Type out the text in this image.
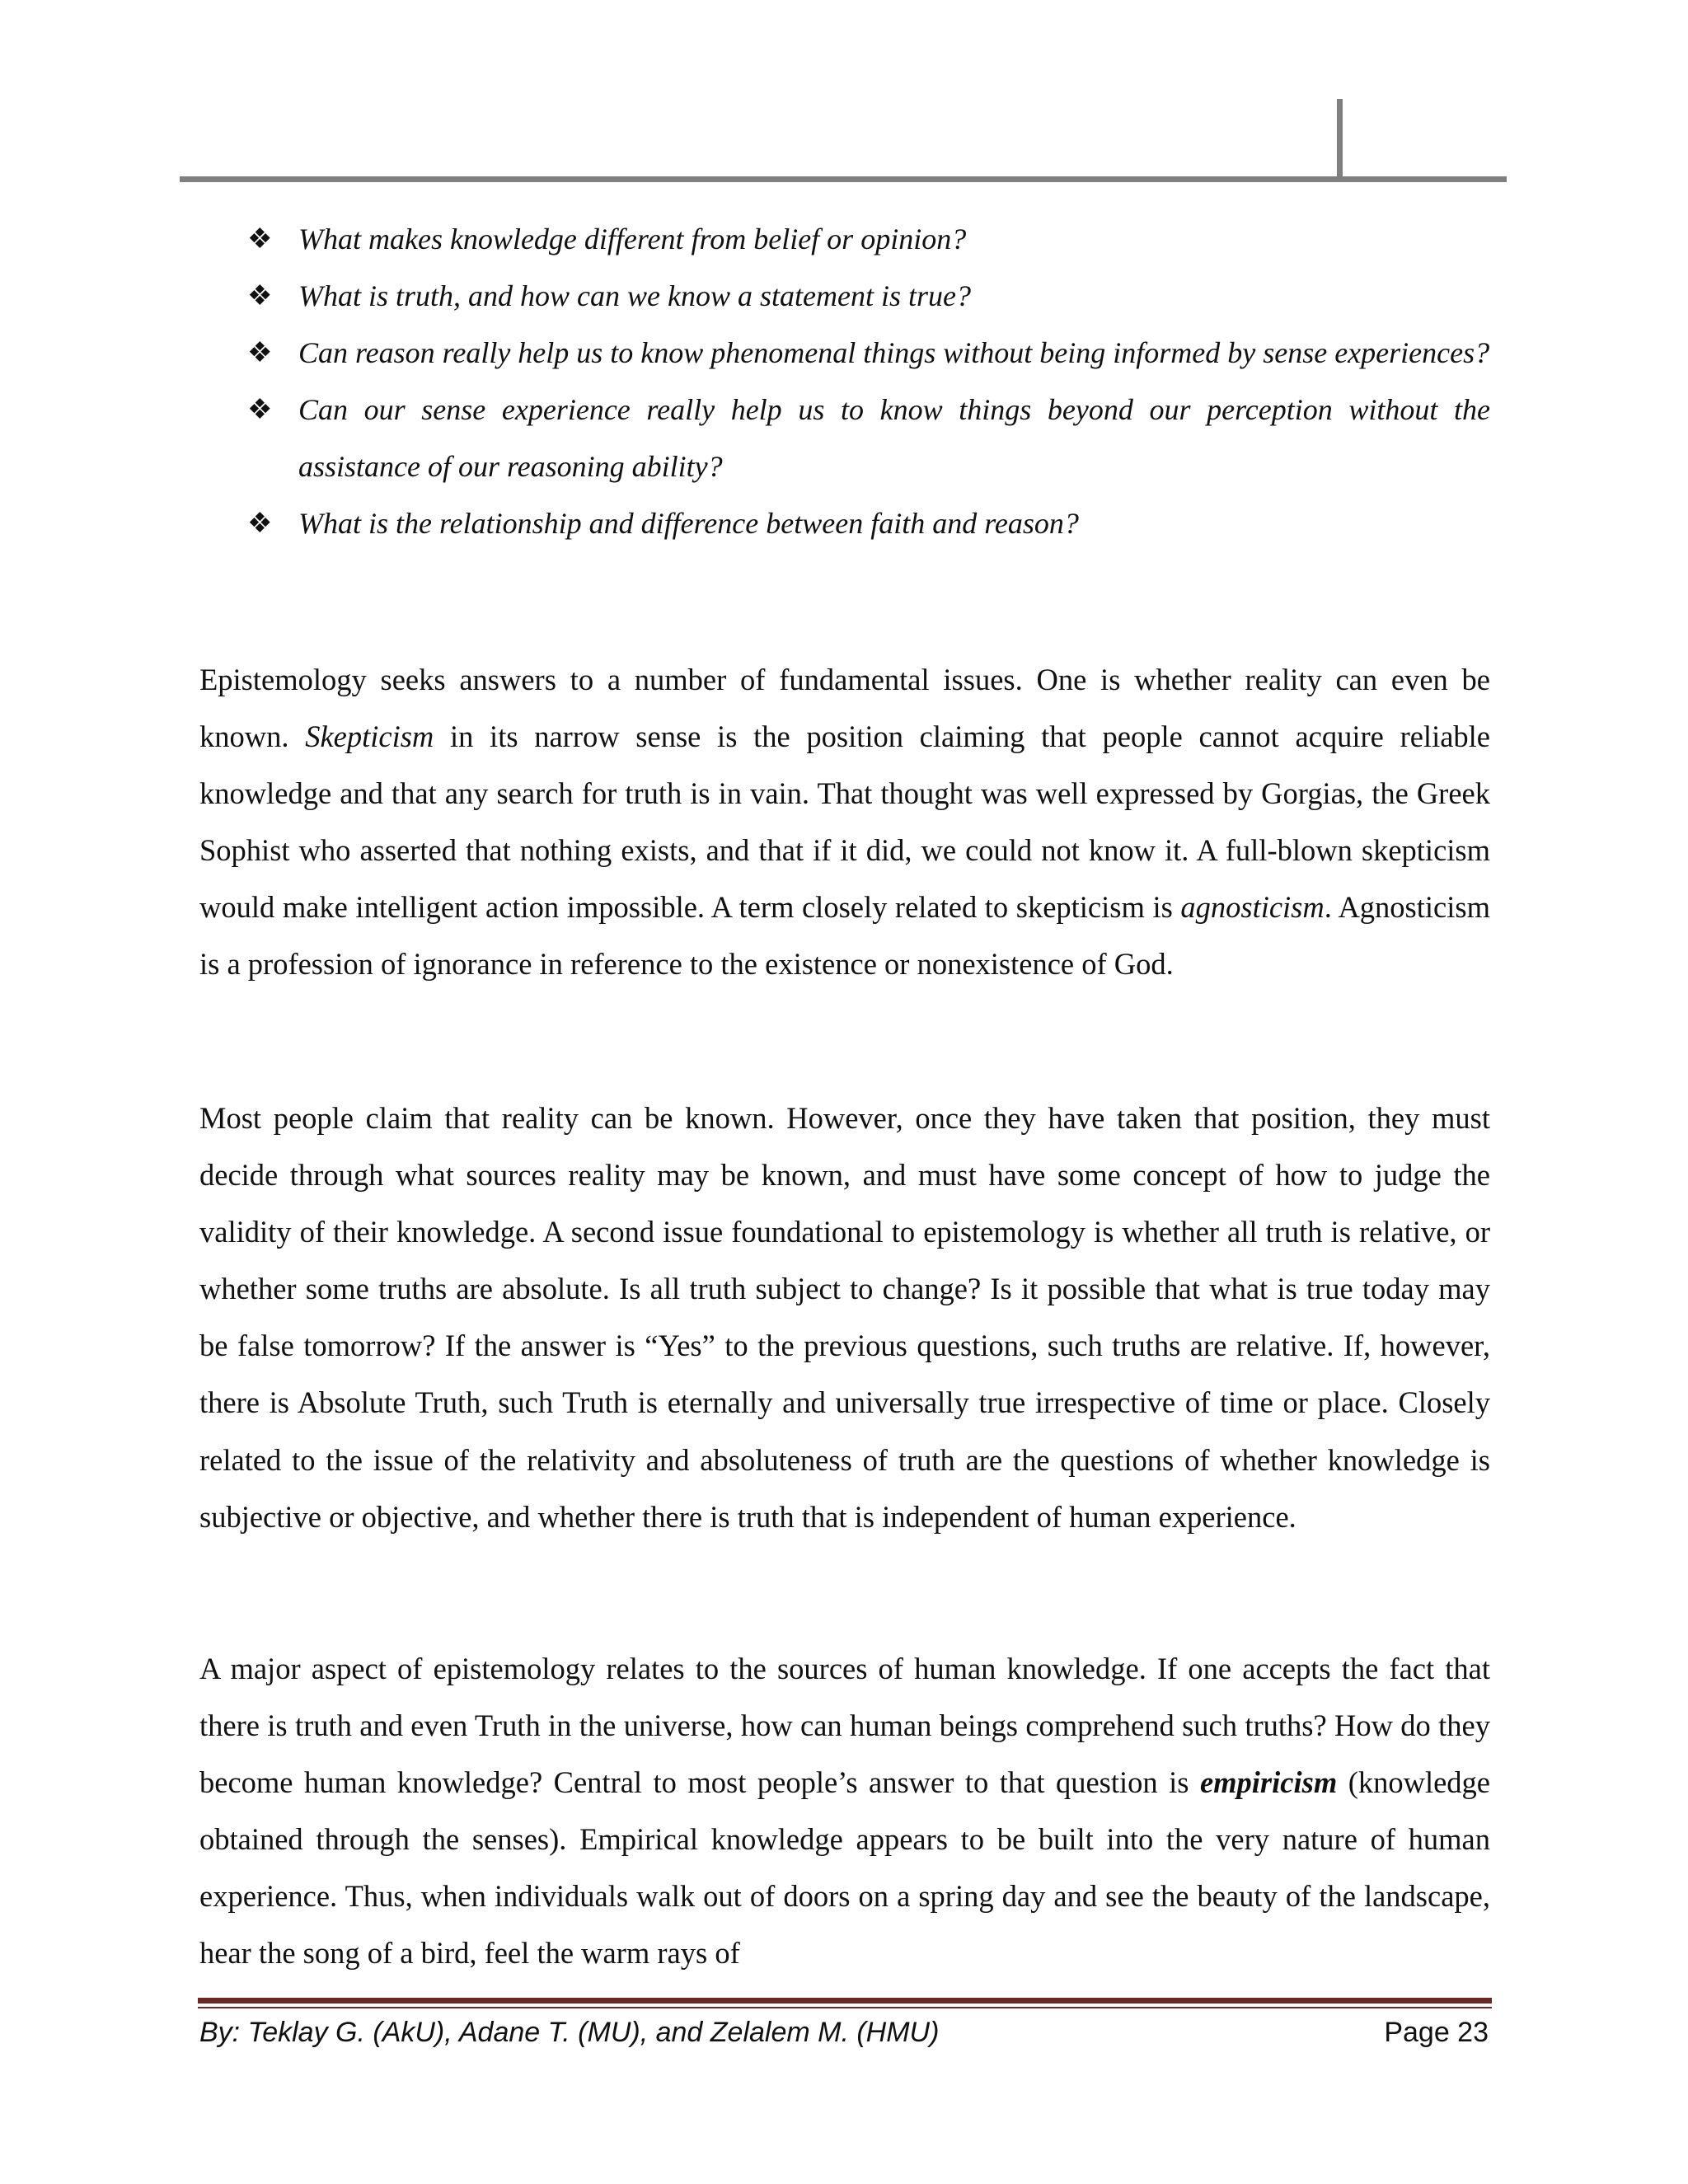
❖ What makes knowledge different from belief or opinion?
❖ What is truth, and how can we know a statement is true?
❖ Can reason really help us to know phenomenal things without being informed by sense experiences?
❖ Can our sense experience really help us to know things beyond our perception without the assistance of our reasoning ability?
❖ What is the relationship and difference between faith and reason?

Epistemology seeks answers to a number of fundamental issues. One is whether reality can even be known. Skepticism in its narrow sense is the position claiming that people cannot acquire reliable knowledge and that any search for truth is in vain. That thought was well expressed by Gorgias, the Greek Sophist who asserted that nothing exists, and that if it did, we could not know it. A full-blown skepticism would make intelligent action impossible. A term closely related to skepticism is agnosticism. Agnosticism is a profession of ignorance in reference to the existence or nonexistence of God.

Most people claim that reality can be known. However, once they have taken that position, they must decide through what sources reality may be known, and must have some concept of how to judge the validity of their knowledge. A second issue foundational to epistemology is whether all truth is relative, or whether some truths are absolute. Is all truth subject to change? Is it possible that what is true today may be false tomorrow? If the answer is “Yes” to the previous questions, such truths are relative. If, however, there is Absolute Truth, such Truth is eternally and universally true irrespective of time or place. Closely related to the issue of the relativity and absoluteness of truth are the questions of whether knowledge is subjective or objective, and whether there is truth that is independent of human experience.

A major aspect of epistemology relates to the sources of human knowledge. If one accepts the fact that there is truth and even Truth in the universe, how can human beings comprehend such truths? How do they become human knowledge? Central to most people’s answer to that question is empiricism (knowledge obtained through the senses). Empirical knowledge appears to be built into the very nature of human experience. Thus, when individuals walk out of doors on a spring day and see the beauty of the landscape, hear the song of a bird, feel the warm rays of

By: Teklay G. (AkU), Adane T. (MU), and Zelalem M. (HMU)	Page 23
